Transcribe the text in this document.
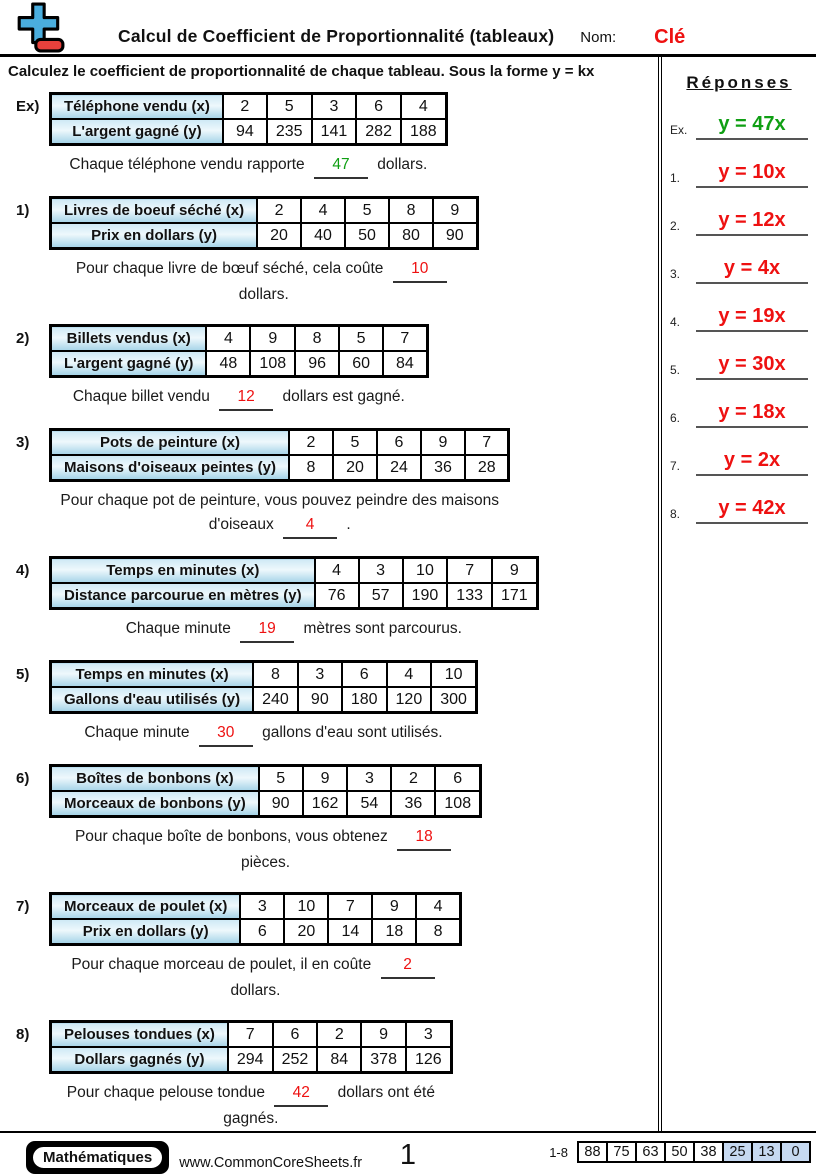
Calcul de Coefficient de Proportionnalité (tableaux) Nom: Clé
Calculez le coefficient de proportionnalité de chaque tableau. Sous la forme y = kx
Ex)
Chaque téléphone vendu rapporte 47 dollars.
Téléphone vendu (x)	2	5	3	6	4
L'argent gagné (y)	94	235	141	282	188
1)
Pour chaque livre de bœuf séché, cela coûte 10 dollars.
Livres de boeuf séché (x)	2	4	5	8	9
Prix en dollars (y)	20	40	50	80	90
2)
Chaque billet vendu 12 dollars est gagné.
Billets vendus (x)	4	9	8	5	7
L'argent gagné (y)	48	108	96	60	84
3)
Pour chaque pot de peinture, vous pouvez peindre des maisons d'oiseaux 4 .
Pots de peinture (x)	2	5	6	9	7
Maisons d'oiseaux peintes (y)	8	20	24	36	28
4)
Chaque minute 19 mètres sont parcourus.
Temps en minutes (x)	4	3	10	7	9
Distance parcourue en mètres (y)	76	57	190	133	171
5)
Chaque minute 30 gallons d'eau sont utilisés.
Temps en minutes (x)	8	3	6	4	10
Gallons d'eau utilisés (y)	240	90	180	120	300
6)
Pour chaque boîte de bonbons, vous obtenez 18 pièces.
Boîtes de bonbons (x)	5	9	3	2	6
Morceaux de bonbons (y)	90	162	54	36	108
7)
Pour chaque morceau de poulet, il en coûte 2 dollars.
Morceaux de poulet (x)	3	10	7	9	4
Prix en dollars (y)	6	20	14	18	8
8)
Pour chaque pelouse tondue 42 dollars ont été gagnés.
Pelouses tondues (x)	7	6	2	9	3
Dollars gagnés (y)	294	252	84	378	126
Réponses
Ex.	y = 47x
1.	y = 10x
2.	y = 12x
3.	y = 4x
4.	y = 19x
5.	y = 30x
6.	y = 18x
7.	y = 2x
8.	y = 42x
Mathématiques	www.CommonCoreSheets.fr 1	1-8 88	75	63	50	38	25	13	0
